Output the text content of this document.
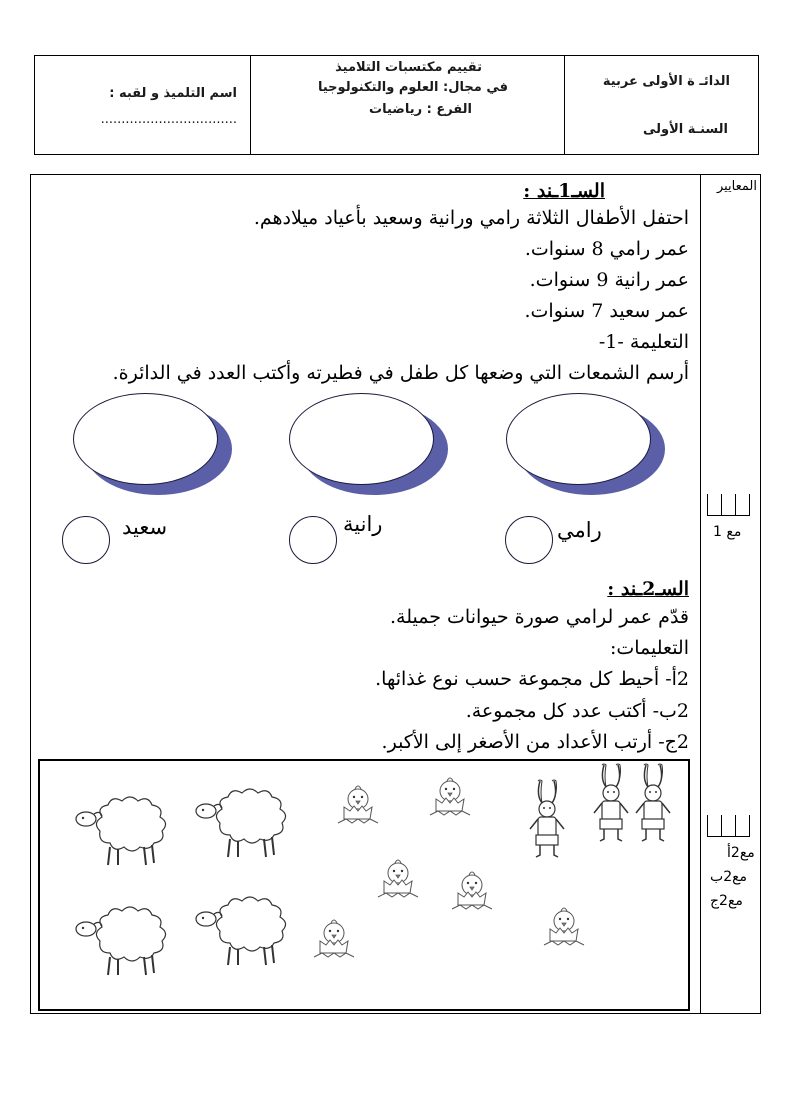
الدائـ ة الأولى عربية
السنـة الأولى
تقييم مكتسبات التلاميذ
في مجال: العلوم والتكنولوجيا
الفرع : رياضيات
اسم التلميذ و لقبه :
.................................
المعايير
السـ1ـند :
احتفل الأطفال الثلاثة رامي ورانية وسعيد بأعياد ميلادهم.
عمر رامي 8 سنوات.
عمر رانية 9 سنوات.
عمر سعيد 7 سنوات.
التعليمة -1-
أرسم الشمعات التي وضعها كل طفل في فطيرته وأكتب العدد في الدائرة.
سعيد	رانية	رامي	مع 1
السـ2ـند :
قدّم عمر لرامي صورة حيوانات جميلة.
التعليمات:
2أ- أحيط كل مجموعة حسب نوع غذائها.
2ب- أكتب عدد كل مجموعة.
2ج- أرتب الأعداد من الأصغر إلى الأكبر.
مع2أ
مع2ب
مع2ج
